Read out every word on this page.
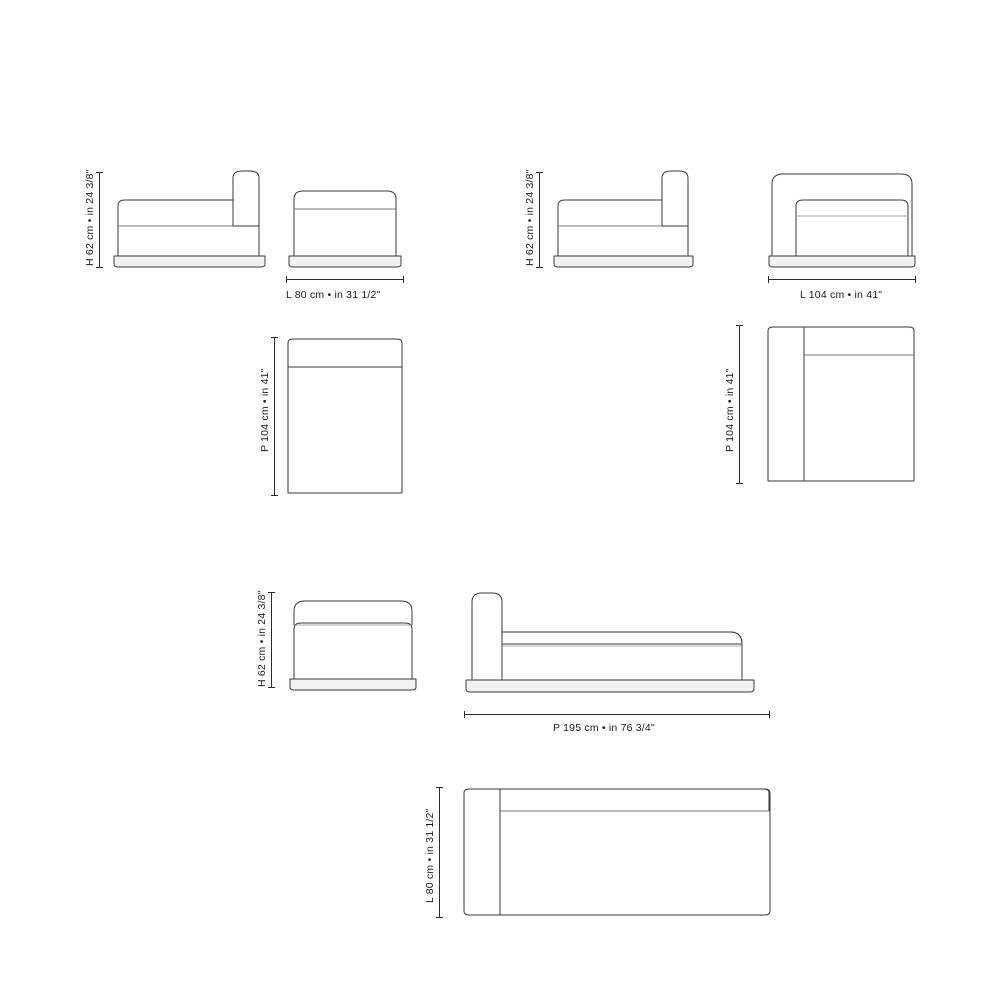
H 62 cm • in 24 3/8"
L 80 cm • in 31 1/2"
P 104 cm • in 41"
H 62 cm • in 24 3/8"
L 104 cm • in 41"
P 104 cm • in 41"
H 62 cm • in 24 3/8"
P 195 cm • in 76 3/4"
L 80 cm • in 31 1/2"
